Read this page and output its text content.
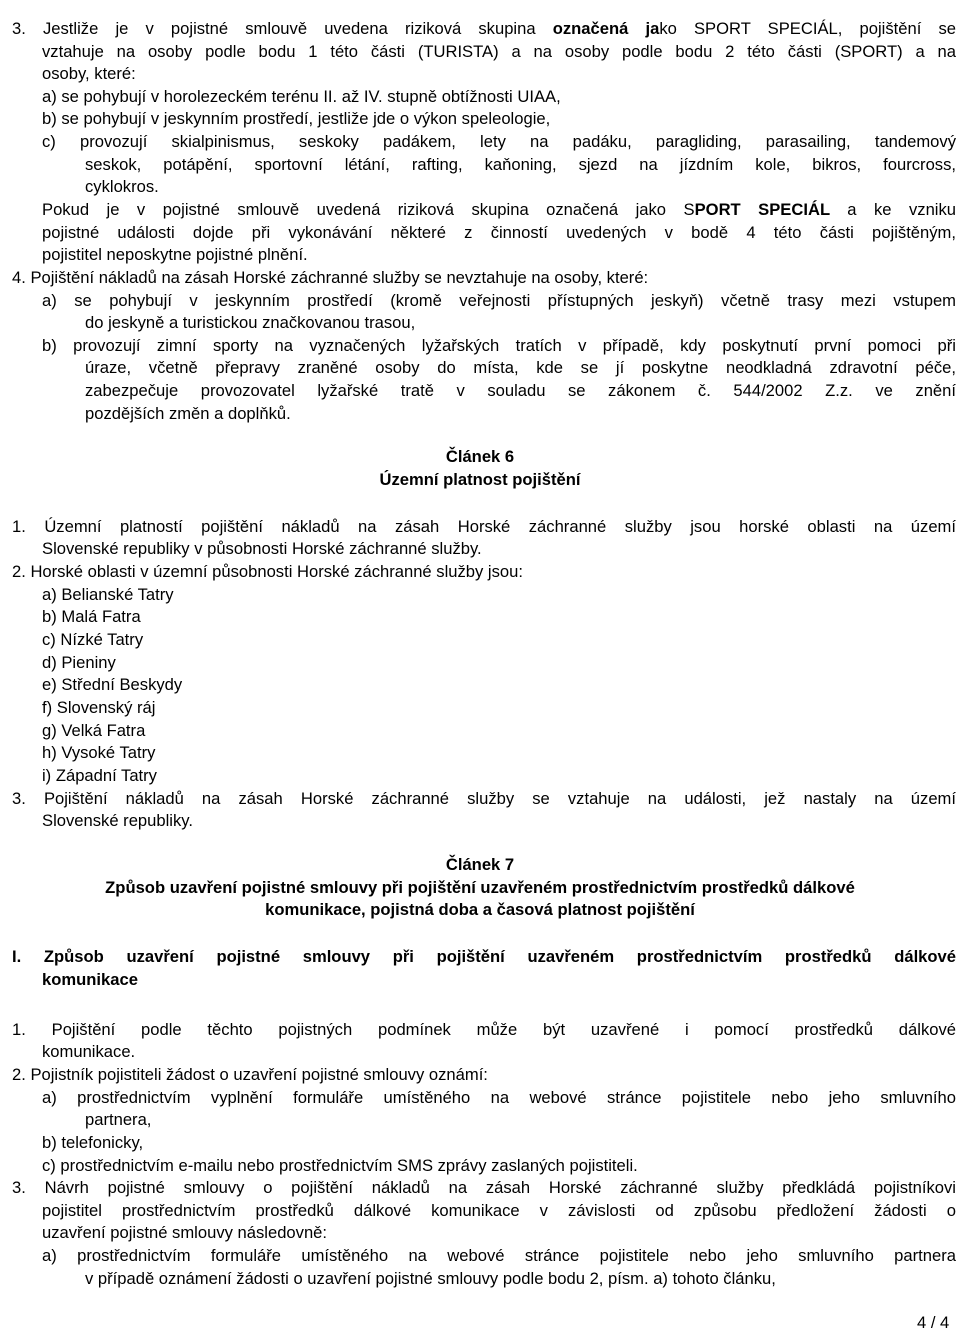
3. Jestliže je v pojistné smlouvě uvedena riziková skupina označená jako SPORT SPECIÁL, pojištění se
vztahuje na osoby podle bodu 1 této části (TURISTA) a na osoby podle bodu 2 této části (SPORT) a na
osoby, které:
a) se pohybují v horolezeckém terénu II. až IV. stupně obtížnosti UIAA,
b) se pohybují v jeskynním prostředí, jestliže jde o výkon speleologie,
c) provozují skialpinismus, seskoky padákem, lety na padáku, paragliding, parasailing, tandemový
seskok, potápění, sportovní létání, rafting, kaňoning, sjezd na jízdním kole, bikros, fourcross,
cyklokros.
Pokud je v pojistné smlouvě uvedená riziková skupina označená jako SPORT SPECIÁL a ke vzniku
pojistné události dojde při vykonávání některé z činností uvedených v bodě 4 této části pojištěným,
pojistitel neposkytne pojistné plnění.
4. Pojištění nákladů na zásah Horské záchranné služby se nevztahuje na osoby, které:
a) se pohybují v jeskynním prostředí (kromě veřejnosti přístupných jeskyň) včetně trasy mezi vstupem
do jeskyně a turistickou značkovanou trasou,
b) provozují zimní sporty na vyznačených lyžařských tratích v případě, kdy poskytnutí první pomoci při
úraze, včetně přepravy zraněné osoby do místa, kde se jí poskytne neodkladná zdravotní péče,
zabezpečuje provozovatel lyžařské tratě v souladu se zákonem č. 544/2002 Z.z. ve znění
pozdějších změn a doplňků.
Článek 6
Územní platnost pojištění
1. Územní platností pojištění nákladů na zásah Horské záchranné služby jsou horské oblasti na území
Slovenské republiky v působnosti Horské záchranné služby.
2. Horské oblasti v územní působnosti Horské záchranné služby jsou:
a) Belianské Tatry
b) Malá Fatra
c) Nízké Tatry
d) Pieniny
e) Střední Beskydy
f) Slovenský ráj
g) Velká Fatra
h) Vysoké Tatry
i) Západní Tatry
3. Pojištění nákladů na zásah Horské záchranné služby se vztahuje na události, jež nastaly na území
Slovenské republiky.
Článek 7
Způsob uzavření pojistné smlouvy při pojištění uzavřeném prostřednictvím prostředků dálkové
komunikace, pojistná doba a časová platnost pojištění
I. Způsob uzavření pojistné smlouvy při pojištění uzavřeném prostřednictvím prostředků dálkové
komunikace
1. Pojištění podle těchto pojistných podmínek může být uzavřené i pomocí prostředků dálkové
komunikace.
2. Pojistník pojistiteli žádost o uzavření pojistné smlouvy oznámí:
a) prostřednictvím vyplnění formuláře umístěného na webové stránce pojistitele nebo jeho smluvního
partnera,
b) telefonicky,
c) prostřednictvím e-mailu nebo prostřednictvím SMS zprávy zaslaných pojistiteli.
3. Návrh pojistné smlouvy o pojištění nákladů na zásah Horské záchranné služby předkládá pojistníkovi
pojistitel prostřednictvím prostředků dálkové komunikace v závislosti od způsobu předložení žádosti o
uzavření pojistné smlouvy následovně:
a) prostřednictvím formuláře umístěného na webové stránce pojistitele nebo jeho smluvního partnera
v případě oznámení žádosti o uzavření pojistné smlouvy podle bodu 2, písm. a) tohoto článku,
4 / 4
